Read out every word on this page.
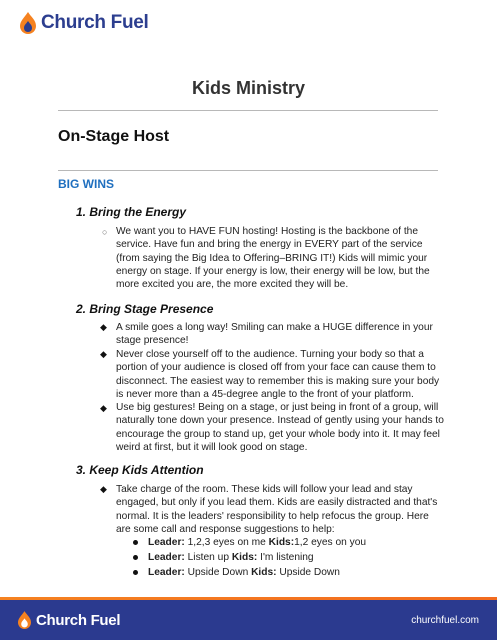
Church Fuel
Kids Ministry
On-Stage Host
BIG WINS
1. Bring the Energy
○ We want you to HAVE FUN hosting! Hosting is the backbone of the service. Have fun and bring the energy in EVERY part of the service (from saying the Big Idea to Offering–BRING IT!) Kids will mimic your energy on stage. If your energy is low, their energy will be low, but the more excited you are, the more excited they will be.
2. Bring Stage Presence
◆ A smile goes a long way! Smiling can make a HUGE difference in your stage presence!
◆ Never close yourself off to the audience. Turning your body so that a portion of your audience is closed off from your face can cause them to disconnect. The easiest way to remember this is making sure your body is never more than a 45-degree angle to the front of your platform.
◆ Use big gestures! Being on a stage, or just being in front of a group, will naturally tone down your presence. Instead of gently using your hands to encourage the group to stand up, get your whole body into it. It may feel weird at first, but it will look good on stage.
3. Keep Kids Attention
◆ Take charge of the room. These kids will follow your lead and stay engaged, but only if you lead them. Kids are easily distracted and that's normal. It is the leaders' responsibility to help refocus the group. Here are some call and response suggestions to help:
Leader: 1,2,3 eyes on me Kids:1,2 eyes on you
Leader: Listen up Kids: I'm listening
Leader: Upside Down Kids: Upside Down
Church Fuel	churchfuel.com
